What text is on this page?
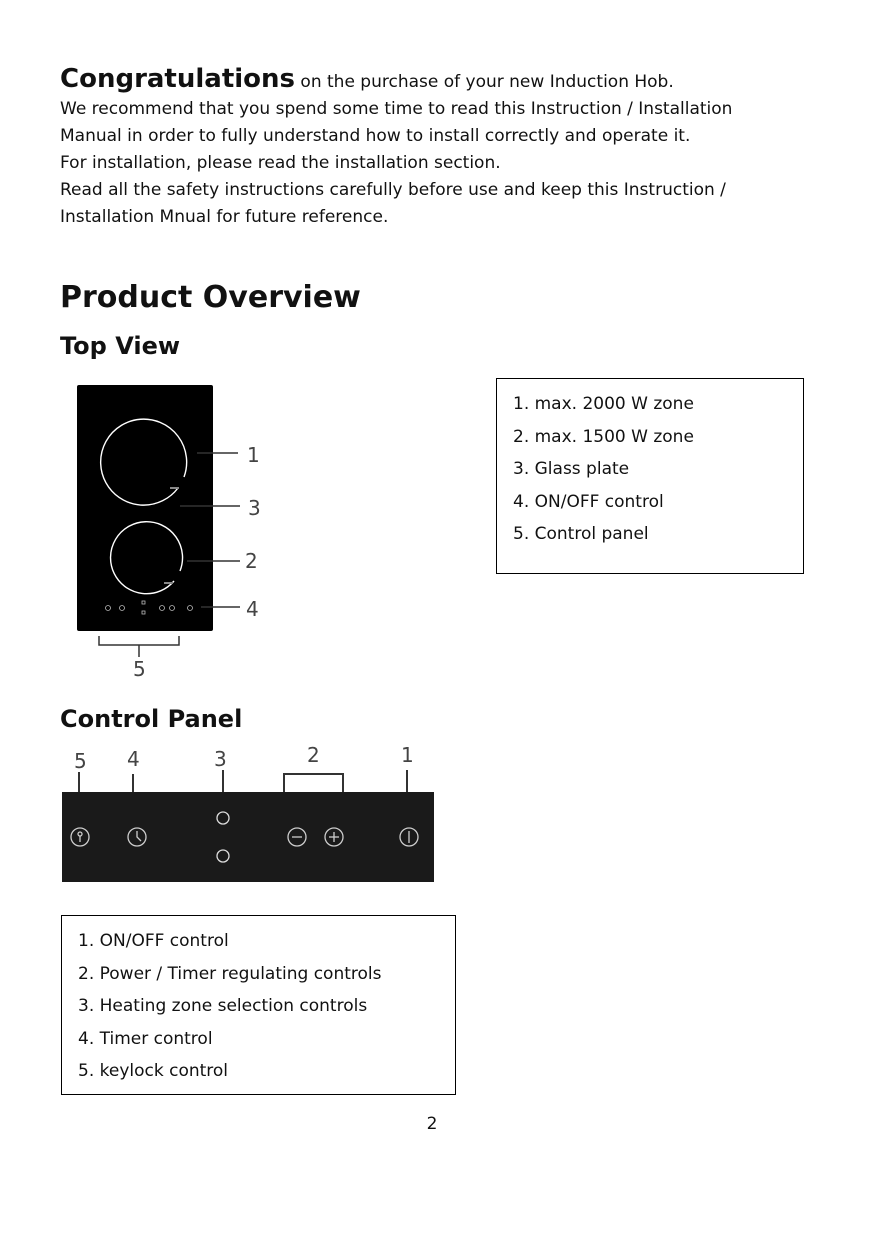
Congratulations on the purchase of your new Induction Hob.

We recommend that you spend some time to read this Instruction / Installation

Manual in order to fully understand how to install correctly and operate it.

For installation, please read the installation section.

Read all the safety instructions carefully before use and keep this Instruction /

Installation Mnual for future reference.

Product Overview
Top View
1
3
2
4
5
1. max. 2000 W zone
2. max. 1500 W zone
3. Glass plate
4. ON/OFF control
5. Control panel
Control Panel
5 4	3	2	1
1. ON/OFF control
2. Power / Timer regulating controls
3. Heating zone selection controls
4. Timer control
5. keylock control
2
